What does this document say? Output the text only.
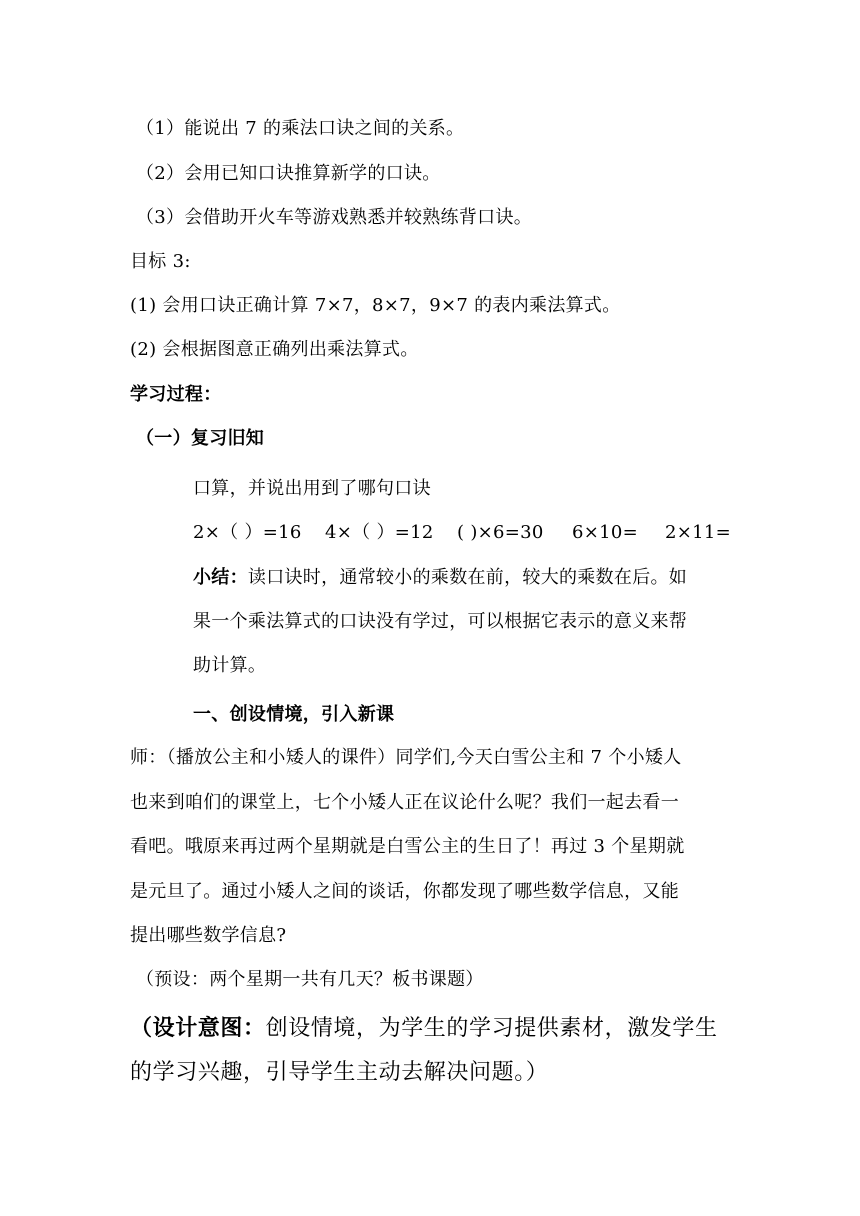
（1）能说出 7 的乘法口诀之间的关系。
（2）会用已知口诀推算新学的口诀。
（3）会借助开火车等游戏熟悉并较熟练背口诀。
目标 3:
(1) 会用口诀正确计算 7×7，8×7，9×7 的表内乘法算式。
(2) 会根据图意正确列出乘法算式。
学习过程：
（一）复习旧知
口算，并说出用到了哪句口诀
2×（ ）=16 4×（ ）=12 ( )×6=30 6×10= 2×11=
小结：读口诀时，通常较小的乘数在前，较大的乘数在后。如
果一个乘法算式的口诀没有学过，可以根据它表示的意义来帮
助计算。
一、创设情境，引入新课
师：（播放公主和小矮人的课件）同学们,今天白雪公主和 7 个小矮人
也来到咱们的课堂上，七个小矮人正在议论什么呢？我们一起去看一
看吧。哦原来再过两个星期就是白雪公主的生日了！再过 3 个星期就
是元旦了。通过小矮人之间的谈话，你都发现了哪些数学信息，又能
提出哪些数学信息?
（预设：两个星期一共有几天？板书课题）
（设计意图：创设情境，为学生的学习提供素材，激发学生
的学习兴趣，引导学生主动去解决问题。）
